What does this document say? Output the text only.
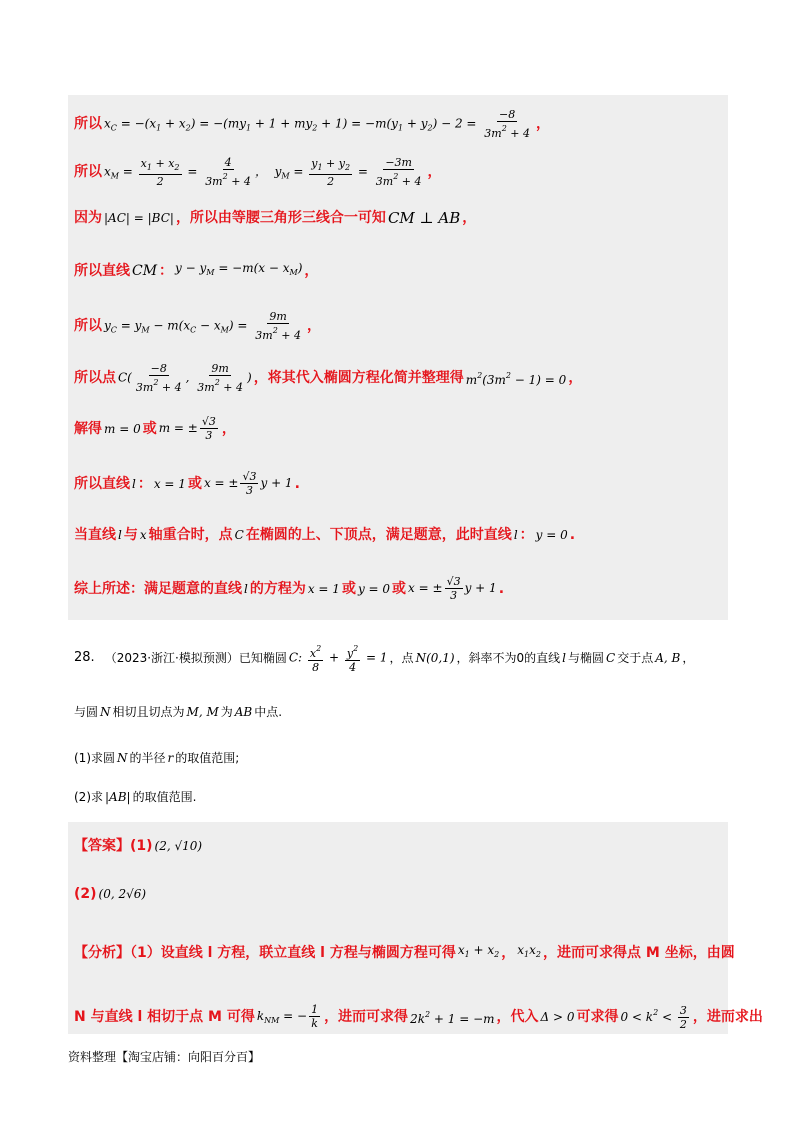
所以 $x_C = -(x_1 + x_2) = -(my_1 + 1 + my_2 + 1) = -m(y_1 + y_2) - 2 = \frac{-8}{3m^2 + 4}$ ，
所以 $x_M = \frac{x_1 + x_2}{2} = \frac{4}{3m^2 + 4}$ ，  $y_M = \frac{y_1 + y_2}{2} = \frac{-3m}{3m^2 + 4}$ ，
因为 |AC| = |BC| ，所以由等腰三角形三线合一可知 CM ⊥ AB ，
所以直线 CM ： $y - y_M = -m(x - x_M)$ ，
所以 $y_C = y_M - m(x_C - x_M) = \frac{9m}{3m^2 + 4}$ ，
所以点 $C( \frac{-8}{3m^2 + 4}$ , $\frac{9m}{3m^2 + 4}$ ) ，将其代入椭圆方程化简并整理得 $m^2(3m^2 - 1) = 0$ ，
解得 m = 0 或 m = ± $\frac{√3}{3}$ ，
所以直线 l ： x = 1 或 x = ± $\frac{√3}{3}$ y + 1 .
当直线 l 与 x 轴重合时，点 C 在椭圆的上、下顶点，满足题意，此时直线 l ： y = 0 .
综上所述：满足题意的直线 l 的方程为 x = 1 或 y = 0 或 x = ± $\frac{√3}{3}$ y + 1 .
28. （2023·浙江·模拟预测）已知椭圆 C: $\frac{x^2}{8} + \frac{y^2}{4} = 1$ ，点 N(0,1) ，斜率不为0的直线 l 与椭圆 C 交于点 A, B ，
与圆 N 相切且切点为 M, M 为 AB 中点.
(1)求圆 N 的半径 r 的取值范围;
(2)求 |AB| 的取值范围.
【答案】(1) (2, √10)
(2) (0, 2√6)
【分析】（1）设直线 l 方程，联立直线 l 方程与椭圆方程可得 $x_1 + x_2$ ， $x_1x_2$ ，进而可求得点 M 坐标，由圆
N 与直线 l 相切于点 M 可得 $k_{NM}$ = − $\frac{1}{k}$ ，进而可求得 $2k^2 + 1 = -m$ ，代入 Δ > 0 可求得 $0 < k^2 < \frac{3}{2}$ ，进而求出
资料整理【淘宝店铺：向阳百分百】
